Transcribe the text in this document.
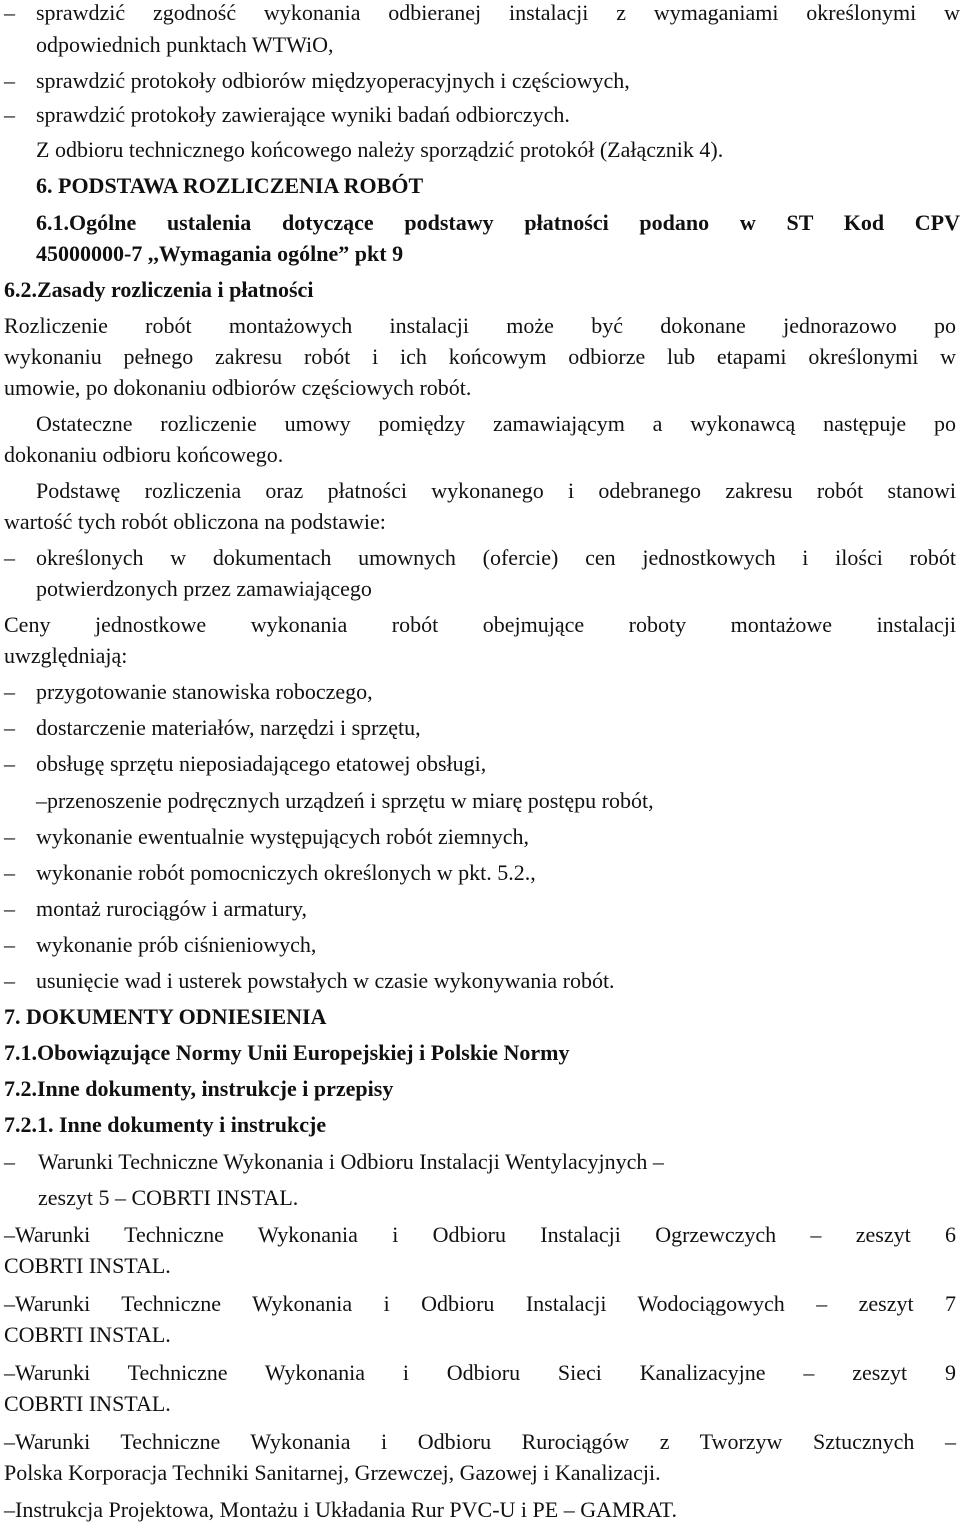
– sprawdzić zgodność wykonania odbieranej instalacji z wymaganiami określonymi w
odpowiednich punktach WTWiO,
– sprawdzić protokoły odbiorów międzyoperacyjnych i częściowych,
– sprawdzić protokoły zawierające wyniki badań odbiorczych.
Z odbioru technicznego końcowego należy sporządzić protokół (Załącznik 4).
6. PODSTAWA ROZLICZENIA ROBÓT
6.1.Ogólne ustalenia dotyczące podstawy płatności podano w ST Kod CPV
45000000-7 ,,Wymagania ogólne” pkt 9
6.2.Zasady rozliczenia i płatności
Rozliczenie robót montażowych instalacji może być dokonane jednorazowo po
wykonaniu pełnego zakresu robót i ich końcowym odbiorze lub etapami określonymi w
umowie, po dokonaniu odbiorów częściowych robót.
Ostateczne rozliczenie umowy pomiędzy zamawiającym a wykonawcą następuje po
dokonaniu odbioru końcowego.
Podstawę rozliczenia oraz płatności wykonanego i odebranego zakresu robót stanowi
wartość tych robót obliczona na podstawie:
– określonych w dokumentach umownych (ofercie) cen jednostkowych i ilości robót
potwierdzonych przez zamawiającego
Ceny jednostkowe wykonania robót obejmujące roboty montażowe instalacji
uwzględniają:
– przygotowanie stanowiska roboczego,
– dostarczenie materiałów, narzędzi i sprzętu,
– obsługę sprzętu nieposiadającego etatowej obsługi,
–przenoszenie podręcznych urządzeń i sprzętu w miarę postępu robót,
– wykonanie ewentualnie występujących robót ziemnych,
– wykonanie robót pomocniczych określonych w pkt. 5.2.,
– montaż rurociągów i armatury,
– wykonanie prób ciśnieniowych,
– usunięcie wad i usterek powstałych w czasie wykonywania robót.
7. DOKUMENTY ODNIESIENIA
7.1.Obowiązujące Normy Unii Europejskiej i Polskie Normy
7.2.Inne dokumenty, instrukcje i przepisy
7.2.1. Inne dokumenty i instrukcje
– Warunki Techniczne Wykonania i Odbioru Instalacji Wentylacyjnych –
zeszyt 5 – COBRTI INSTAL.
–Warunki Techniczne Wykonania i Odbioru Instalacji Ogrzewczych – zeszyt 6
COBRTI INSTAL.
–Warunki Techniczne Wykonania i Odbioru Instalacji Wodociągowych – zeszyt 7
COBRTI INSTAL.
–Warunki Techniczne Wykonania i Odbioru Sieci Kanalizacyjne – zeszyt 9
COBRTI INSTAL.
–Warunki Techniczne Wykonania i Odbioru Rurociągów z Tworzyw Sztucznych –
Polska Korporacja Techniki Sanitarnej, Grzewczej, Gazowej i Kanalizacji.
–Instrukcja Projektowa, Montażu i Układania Rur PVC-U i PE – GAMRAT.
